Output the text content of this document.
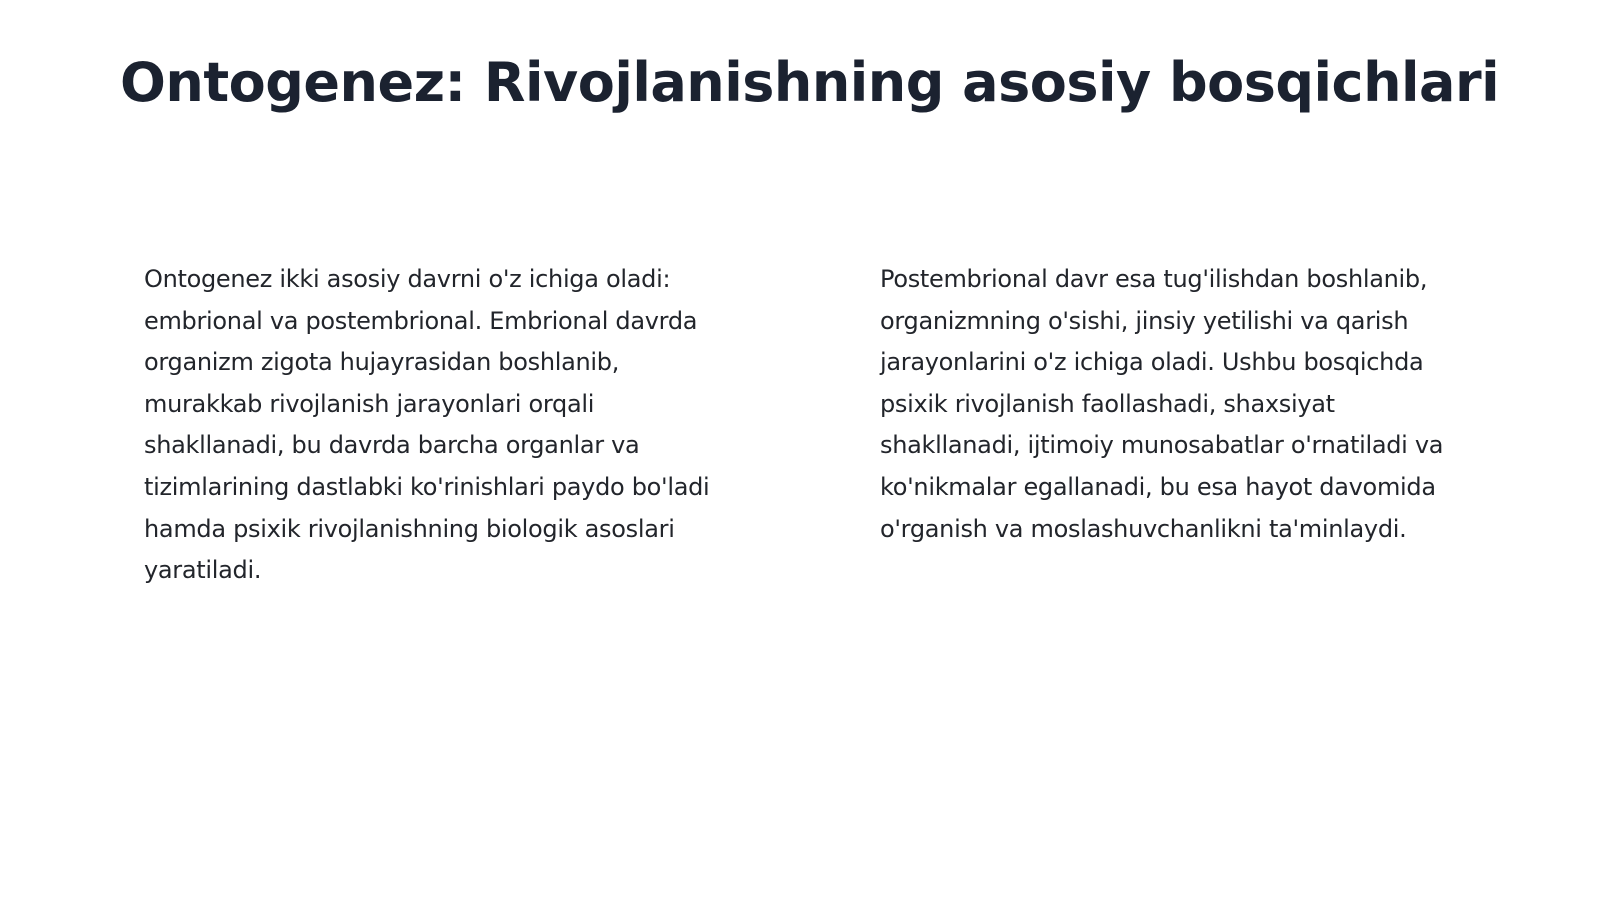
Ontogenez: Rivojlanishning asosiy bosqichlari

Ontogenez ikki asosiy davrni o'z ichiga oladi: embrional va postembrional. Embrional davrda organizm zigota hujayrasidan boshlanib, murakkab rivojlanish jarayonlari orqali shakllanadi, bu davrda barcha organlar va tizimlarining dastlabki ko'rinishlari paydo bo'ladi hamda psixik rivojlanishning biologik asoslari yaratiladi.

Postembrional davr esa tug'ilishdan boshlanib, organizmning o'sishi, jinsiy yetilishi va qarish jarayonlarini o'z ichiga oladi. Ushbu bosqichda psixik rivojlanish faollashadi, shaxsiyat shakllanadi, ijtimoiy munosabatlar o'rnatiladi va ko'nikmalar egallanadi, bu esa hayot davomida o'rganish va moslashuvchanlikni ta'minlaydi.
